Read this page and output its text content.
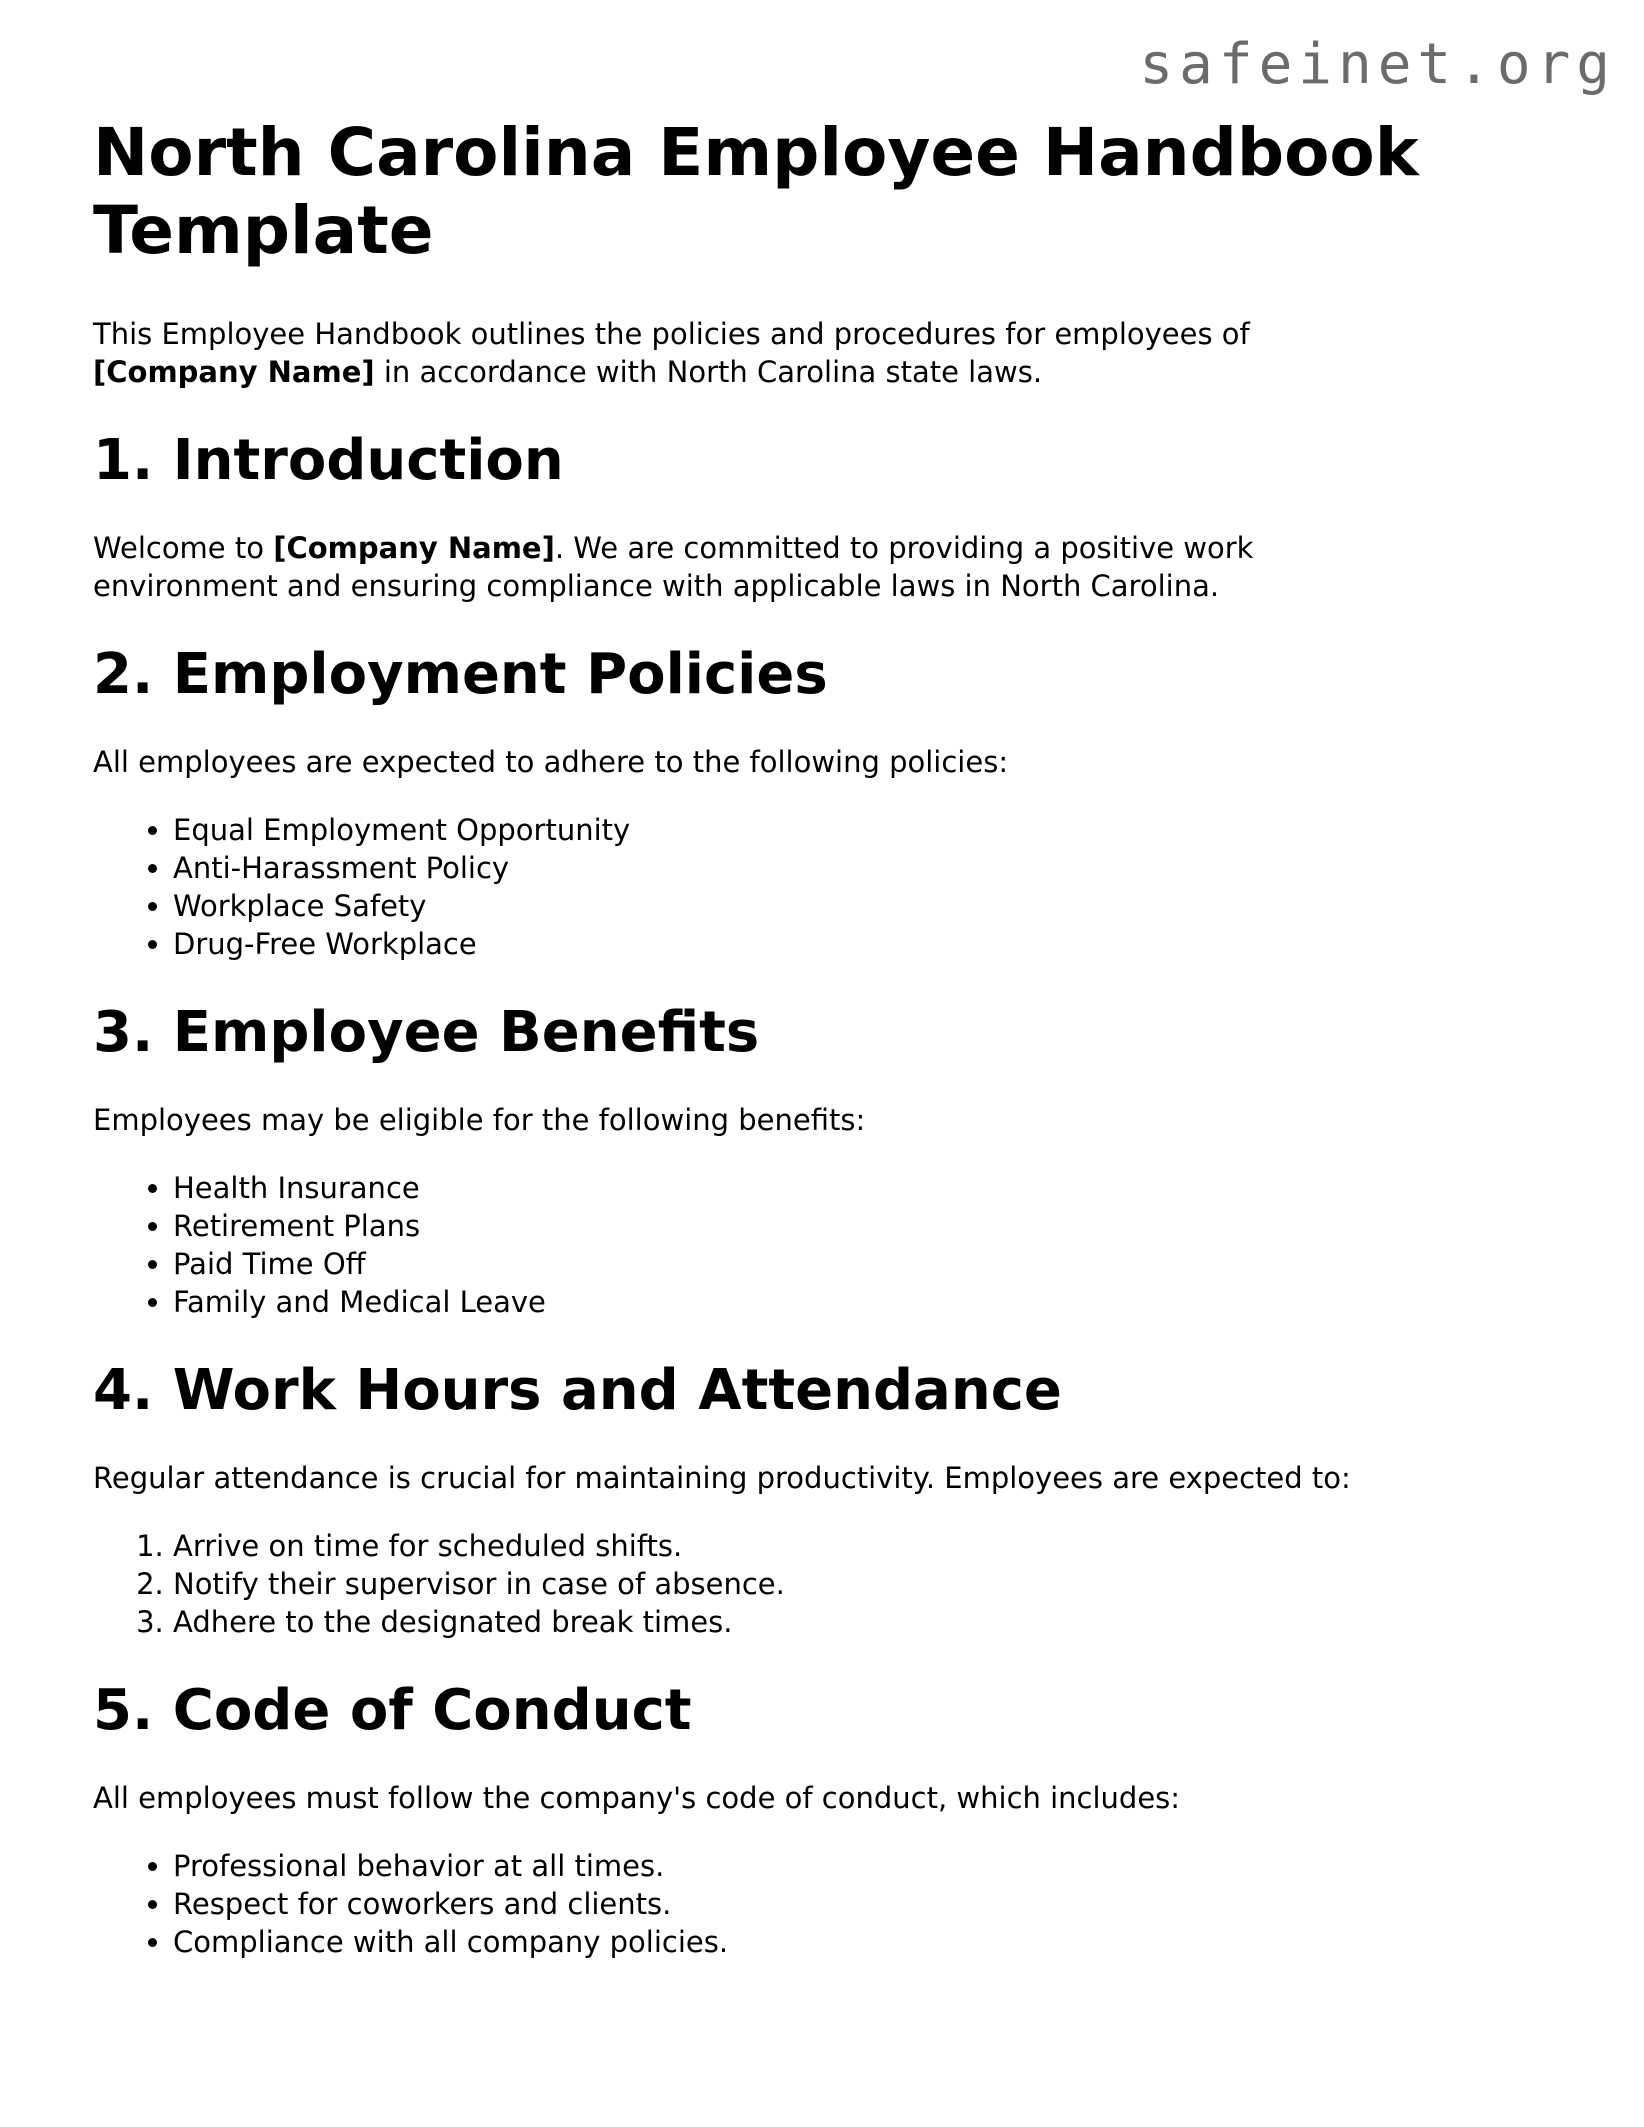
safeinet.org
North Carolina Employee Handbook
Template

This Employee Handbook outlines the policies and procedures for employees of
[Company Name] in accordance with North Carolina state laws.

1. Introduction

Welcome to [Company Name]. We are committed to providing a positive work
environment and ensuring compliance with applicable laws in North Carolina.

2. Employment Policies

All employees are expected to adhere to the following policies:

• Equal Employment Opportunity
• Anti-Harassment Policy
• Workplace Safety
• Drug-Free Workplace
3. Employee Benefits

Employees may be eligible for the following benefits:

• Health Insurance
• Retirement Plans
• Paid Time Off
• Family and Medical Leave
4. Work Hours and Attendance

Regular attendance is crucial for maintaining productivity. Employees are expected to:

1. Arrive on time for scheduled shifts.
2. Notify their supervisor in case of absence.
3. Adhere to the designated break times.
5. Code of Conduct

All employees must follow the company's code of conduct, which includes:

• Professional behavior at all times.
• Respect for coworkers and clients.
• Compliance with all company policies.
